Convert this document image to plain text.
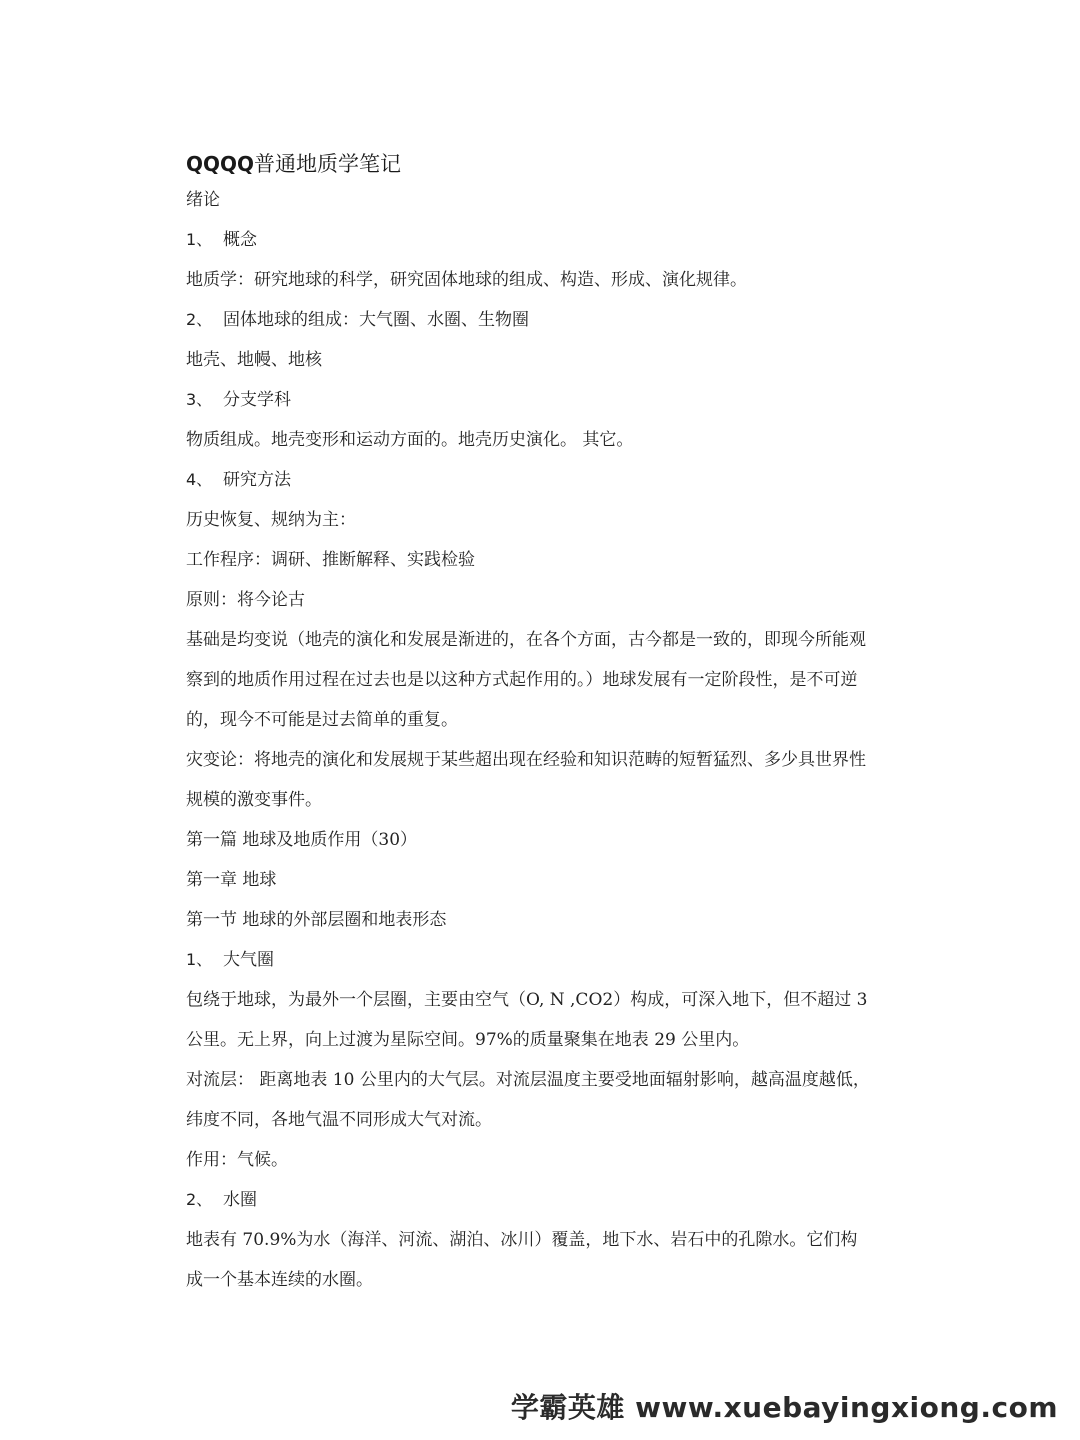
QQQQ普通地质学笔记
绪论
1、 概念
地质学：研究地球的科学，研究固体地球的组成、构造、形成、演化规律。
2、 固体地球的组成：大气圈、水圈、生物圈
地壳、地幔、地核
3、 分支学科
物质组成。地壳变形和运动方面的。地壳历史演化。 其它。
4、 研究方法
历史恢复、规纳为主：
工作程序：调研、推断解释、实践检验
原则：将今论古
基础是均变说（地壳的演化和发展是渐进的，在各个方面，古今都是一致的，即现今所能观
察到的地质作用过程在过去也是以这种方式起作用的。）地球发展有一定阶段性，是不可逆
的，现今不可能是过去简单的重复。
灾变论：将地壳的演化和发展规于某些超出现在经验和知识范畴的短暂猛烈、多少具世界性
规模的激变事件。
第一篇 地球及地质作用（30）
第一章 地球
第一节 地球的外部层圈和地表形态
1、 大气圈
包绕于地球，为最外一个层圈，主要由空气（O, N ,CO2）构成，可深入地下，但不超过 3
公里。无上界，向上过渡为星际空间。97%的质量聚集在地表 29 公里内。
对流层： 距离地表 10 公里内的大气层。对流层温度主要受地面辐射影响，越高温度越低，
纬度不同，各地气温不同形成大气对流。
作用：气候。
2、 水圈
地表有 70.9%为水（海洋、河流、湖泊、冰川）覆盖，地下水、岩石中的孔隙水。它们构
成一个基本连续的水圈。
学霸英雄 www.xuebayingxiong.com
